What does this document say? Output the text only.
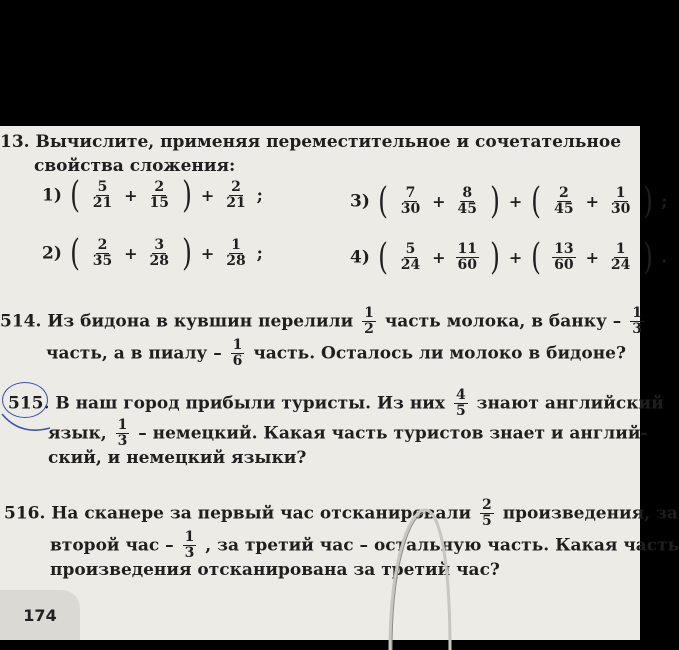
13. Вычислите, применяя переместительное и сочетательное
свойства сложения:
1) ( $\frac{5}{21} + \frac{2}{15}$ ) + $\frac{2}{21}$ ;
2) ( $\frac{2}{35} + \frac{3}{28}$ ) + $\frac{1}{28}$ ;
3) ( $\frac{7}{30} + \frac{8}{45}$ ) + ( $\frac{2}{45} + \frac{1}{30}$ ) ;
4) ( $\frac{5}{24} + \frac{11}{60}$ ) + ( $\frac{13}{60} + \frac{1}{24}$ ) .
514. Из бидона в кувшин перелили $\frac{1}{2}$ часть молока, в банку – $\frac{1}{3}$
часть, а в пиалу – $\frac{1}{6}$ часть. Осталось ли молоко в бидоне?
515. В наш город прибыли туристы. Из них $\frac{4}{5}$ знают английский
язык, $\frac{1}{3}$ – немецкий. Какая часть туристов знает и англий-
ский, и немецкий языки?
516. На сканере за первый час отсканировали $\frac{2}{5}$ произведения, за
второй час – $\frac{1}{3}$ , за третий час – остальную часть. Какая часть
произведения отсканирована за третий час?
174
